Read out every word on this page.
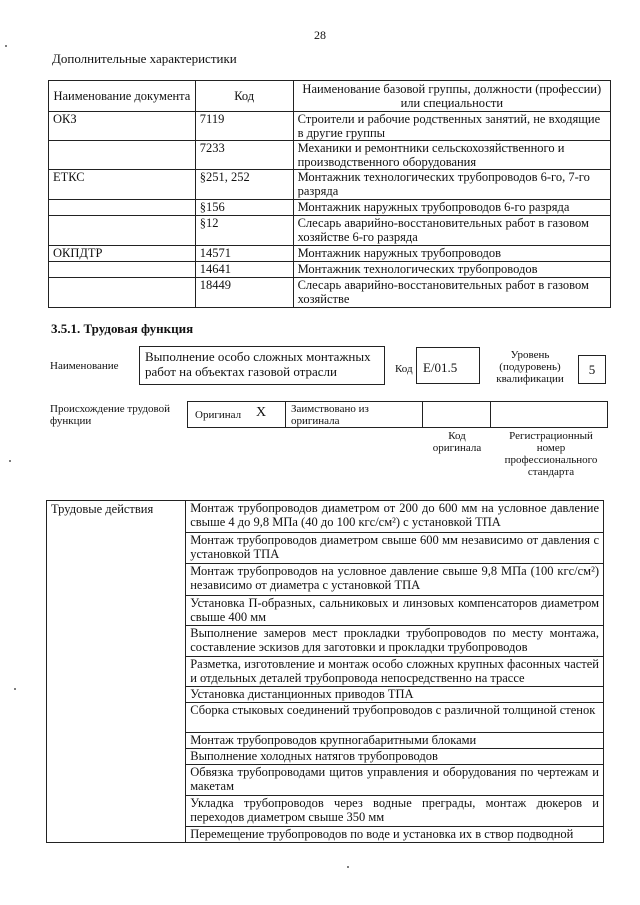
28
Дополнительные характеристики
Наименование документа	Код	Наименование базовой группы, должности (профессии) или специальности
ОКЗ	7119	Строители и рабочие родственных занятий, не входящие в другие группы
	7233	Механики и ремонтники сельскохозяйственного и производственного оборудования
ЕТКС	§251, 252	Монтажник технологических трубопроводов 6-го, 7-го разряда
	§156	Монтажник наружных трубопроводов 6-го разряда
	§12	Слесарь аварийно-восстановительных работ в газовом хозяйстве 6-го разряда
ОКПДТР	14571	Монтажник наружных трубопроводов
	14641	Монтажник технологических трубопроводов
	18449	Слесарь аварийно-восстановительных работ в газовом хозяйстве
3.5.1. Трудовая функция
Наименование
Выполнение особо сложных монтажных работ на объектах газовой отрасли	Код E/01.5
Уровень (подуровень) квалификации
5
Происхождение трудовой функции	Оригинал X Заимствовано из оригинала
Код оригинала
Регистрационный номер профессионального стандарта
Трудовые действия	Монтаж трубопроводов диаметром от 200 до 600 мм на условное давление свыше 4 до 9,8 МПа (40 до 100 кгс/см²) с установкой ТПА
Монтаж трубопроводов диаметром свыше 600 мм независимо от давления с установкой ТПА
Монтаж трубопроводов на условное давление свыше 9,8 МПа (100 кгс/см²) независимо от диаметра с установкой ТПА
Установка П-образных, сальниковых и линзовых компенсаторов диаметром свыше 400 мм
Выполнение замеров мест прокладки трубопроводов по месту монтажа, составление эскизов для заготовки и прокладки трубопроводов
Разметка, изготовление и монтаж особо сложных крупных фасонных частей и отдельных деталей трубопровода непосредственно на трассе
Установка дистанционных приводов ТПА
Сборка стыковых соединений трубопроводов с различной толщиной стенок
Монтаж трубопроводов крупногабаритными блоками
Выполнение холодных натягов трубопроводов
Обвязка трубопроводами щитов управления и оборудования по чертежам и макетам
Укладка трубопроводов через водные преграды, монтаж дюкеров и переходов диаметром свыше 350 мм
Перемещение трубопроводов по воде и установка их в створ подводной
